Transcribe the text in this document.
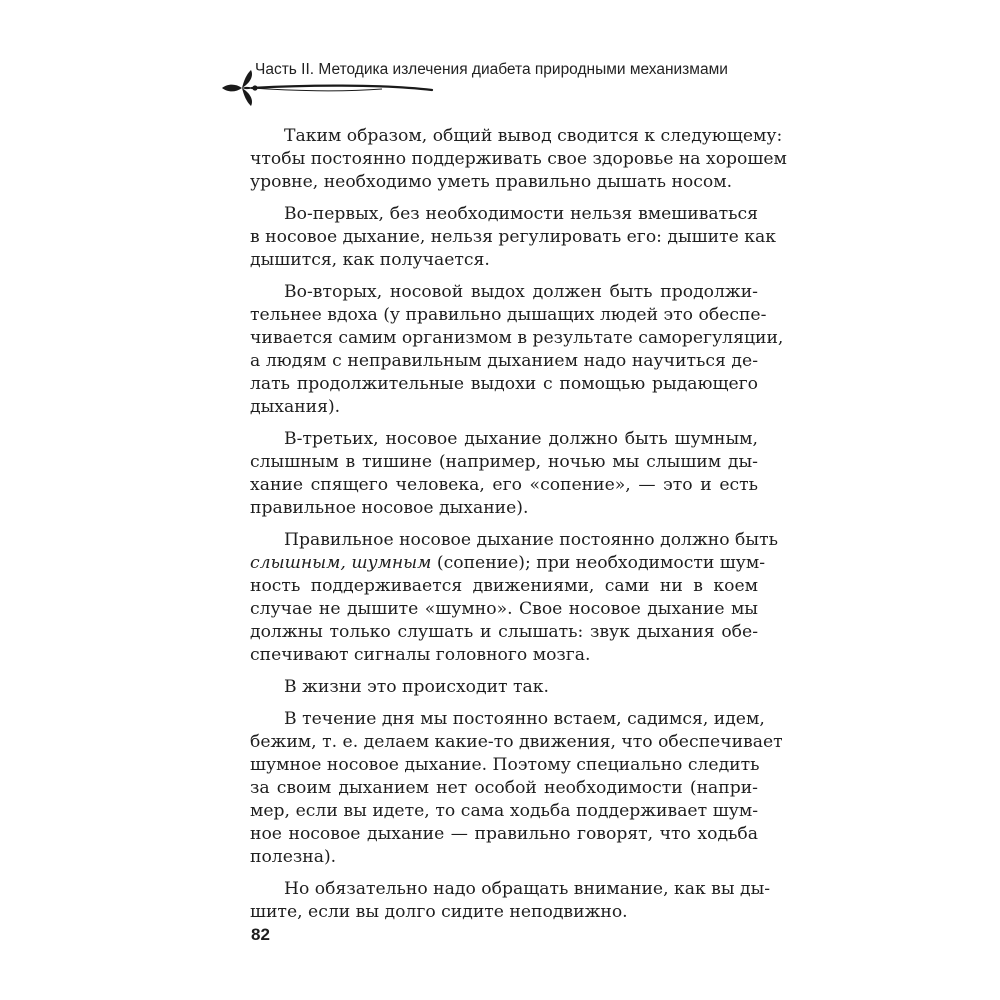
Часть II. Методика излечения диабета природными механизмами
Таким образом, общий вывод сводится к следующему:
чтобы постоянно поддерживать свое здоровье на хорошем
уровне, необходимо уметь правильно дышать носом.
Во-первых, без необходимости нельзя вмешиваться
в носовое дыхание, нельзя регулировать его: дышите как
дышится, как получается.
Во-вторых, носовой выдох должен быть продолжи-
тельнее вдоха (у правильно дышащих людей это обеспе-
чивается самим организмом в результате саморегуляции,
а людям с неправильным дыханием надо научиться де-
лать продолжительные выдохи с помощью рыдающего
дыхания).
В-третьих, носовое дыхание должно быть шумным,
слышным в тишине (например, ночью мы слышим ды-
хание спящего человека, его «сопение», — это и есть
правильное носовое дыхание).
Правильное носовое дыхание постоянно должно быть
слышным, шумным (сопение); при необходимости шум-
ность поддерживается движениями, сами ни в коем
случае не дышите «шумно». Свое носовое дыхание мы
должны только слушать и слышать: звук дыхания обе-
спечивают сигналы головного мозга.
В жизни это происходит так.
В течение дня мы постоянно встаем, садимся, идем,
бежим, т. е. делаем какие-то движения, что обеспечивает
шумное носовое дыхание. Поэтому специально следить
за своим дыханием нет особой необходимости (напри-
мер, если вы идете, то сама ходьба поддерживает шум-
ное носовое дыхание — правильно говорят, что ходьба
полезна).
Но обязательно надо обращать внимание, как вы ды-
шите, если вы долго сидите неподвижно.
82
